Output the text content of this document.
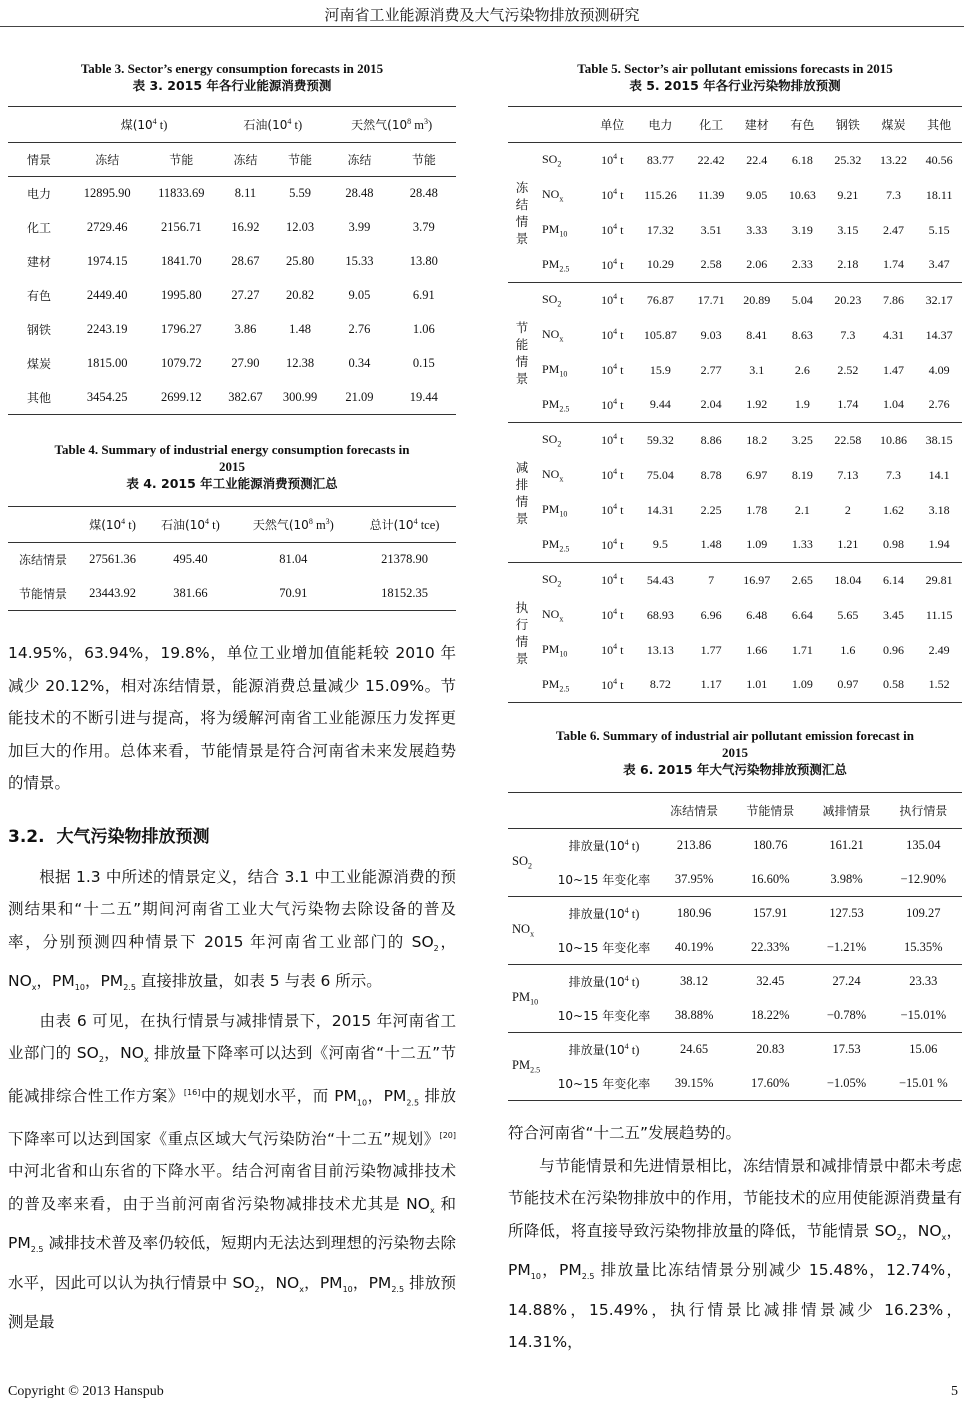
河南省工业能源消费及大气污染物排放预测研究
Table 3. Sector’s energy consumption forecasts in 2015
表 3. 2015 年各行业能源消费预测
	煤($10^4$ t)		石油($10^4$ t)		天然气($10^8$ $m^3$)	
情景	冻结	节能	冻结	节能	冻结	节能
电力	12895.90	11833.69	8.11	5.59	28.48	28.48
化工	2729.46	2156.71	16.92	12.03	3.99	3.79
建材	1974.15	1841.70	28.67	25.80	15.33	13.80
有色	2449.40	1995.80	27.27	20.82	9.05	6.91
钢铁	2243.19	1796.27	3.86	1.48	2.76	1.06
煤炭	1815.00	1079.72	27.90	12.38	0.34	0.15
其他	3454.25	2699.12	382.67	300.99	21.09	19.44
Table 4. Summary of industrial energy consumption forecasts in
2015
表 4. 2015 年工业能源消费预测汇总
	煤($10^4$ t)	石油($10^4$ t)	天然气($10^8$ $m^3$)	总计($10^4$ tce)
冻结情景	27561.36	495.40	81.04	21378.90
节能情景	23443.92	381.66	70.91	18152.35
14.95%，63.94%，19.8%，单位工业增加值能耗较 2010 年减少 20.12%，相对冻结情景，能源消费总量减少 15.09%。节能技术的不断引进与提高，将为缓解河南省工业能源压力发挥更加巨大的作用。总体来看，节能情景是符合河南省未来发展趋势的情景。
3.2. 大气污染物排放预测
根据 1.3 中所述的情景定义，结合 3.1 中工业能源消费的预测结果和“十二五”期间河南省工业大气污染物去除设备的普及率，分别预测四种情景下 2015 年河南省工业部门的 $SO_2$，$NO_x$，$PM_{10}$，$PM_{2.5}$ 直接排放量，如表 5 与表 6 所示。
由表 6 可见，在执行情景与减排情景下，2015 年河南省工业部门的 $SO_2$，$NO_x$ 排放量下降率可以达到《河南省“十二五”节能减排综合性工作方案》[16]中的规划水平，而 $PM_{10}$，$PM_{2.5}$ 排放下降率可以达到国家《重点区域大气污染防治“十二五”规划》[20]中河北省和山东省的下降水平。结合河南省目前污染物减排技术的普及率来看，由于当前河南省污染物减排技术尤其是 $NO_x$ 和 $PM_{2.5}$ 减排技术普及率仍较低，短期内无法达到理想的污染物去除水平，因此可以认为执行情景中 $SO_2$，$NO_x$，$PM_{10}$，$PM_{2.5}$ 排放预测是最
Table 5. Sector’s air pollutant emissions forecasts in 2015
表 5. 2015 年各行业污染物排放预测
		单位	电力	化工	建材	有色	钢铁	煤炭	其他

冻
结
情
景	$SO_2$	$10^4$ t	83.77	22.42	22.4	6.18	25.32	13.22	40.56
	$NO_x$	$10^4$ t	115.26	11.39	9.05	10.63	9.21	7.3	18.11
	$PM_{10}$	$10^4$ t	17.32	3.51	3.33	3.19	3.15	2.47	5.15
	$PM_{2.5}$	$10^4$ t	10.29	2.58	2.06	2.33	2.18	1.74	3.47

节
能
情
景	$SO_2$	$10^4$ t	76.87	17.71	20.89	5.04	20.23	7.86	32.17
	$NO_x$	$10^4$ t	105.87	9.03	8.41	8.63	7.3	4.31	14.37
	$PM_{10}$	$10^4$ t	15.9	2.77	3.1	2.6	2.52	1.47	4.09
	$PM_{2.5}$	$10^4$ t	9.44	2.04	1.92	1.9	1.74	1.04	2.76

减
排
情
景	$SO_2$	$10^4$ t	59.32	8.86	18.2	3.25	22.58	10.86	38.15
	$NO_x$	$10^4$ t	75.04	8.78	6.97	8.19	7.13	7.3	14.1
	$PM_{10}$	$10^4$ t	14.31	2.25	1.78	2.1	2	1.62	3.18
	$PM_{2.5}$	$10^4$ t	9.5	1.48	1.09	1.33	1.21	0.98	1.94

执
行
情
景	$SO_2$	$10^4$ t	54.43	7	16.97	2.65	18.04	6.14	29.81
	$NO_x$	$10^4$ t	68.93	6.96	6.48	6.64	5.65	3.45	11.15
	$PM_{10}$	$10^4$ t	13.13	1.77	1.66	1.71	1.6	0.96	2.49
	$PM_{2.5}$	$10^4$ t	8.72	1.17	1.01	1.09	0.97	0.58	1.52
Table 6. Summary of industrial air pollutant emission forecast in
2015
表 6. 2015 年大气污染物排放预测汇总
		冻结情景	节能情景	减排情景	执行情景
$SO_2$	排放量($10^4$ t)	213.86	180.76	161.21	135.04
	10~15 年变化率	37.95%	16.60%	3.98%	−12.90%
$NO_x$	排放量($10^4$ t)	180.96	157.91	127.53	109.27
	10~15 年变化率	40.19%	22.33%	−1.21%	15.35%
$PM_{10}$	排放量($10^4$ t)	38.12	32.45	27.24	23.33
	10~15 年变化率	38.88%	18.22%	−0.78%	−15.01%
$PM_{2.5}$	排放量($10^4$ t)	24.65	20.83	17.53	15.06
	10~15 年变化率	39.15%	17.60%	−1.05%	−15.01 %
符合河南省“十二五”发展趋势的。
与节能情景和先进情景相比，冻结情景和减排情景中都未考虑节能技术在污染物排放中的作用，节能技术的应用使能源消费量有所降低，将直接导致污染物排放量的降低，节能情景 $SO_2$，$NO_x$，$PM_{10}$，$PM_{2.5}$ 排放量比冻结情景分别减少 15.48%，12.74%，14.88%，15.49%，执行情景比减排情景减少 16.23%，14.31%，
Copyright © 2013 Hanspub	5
